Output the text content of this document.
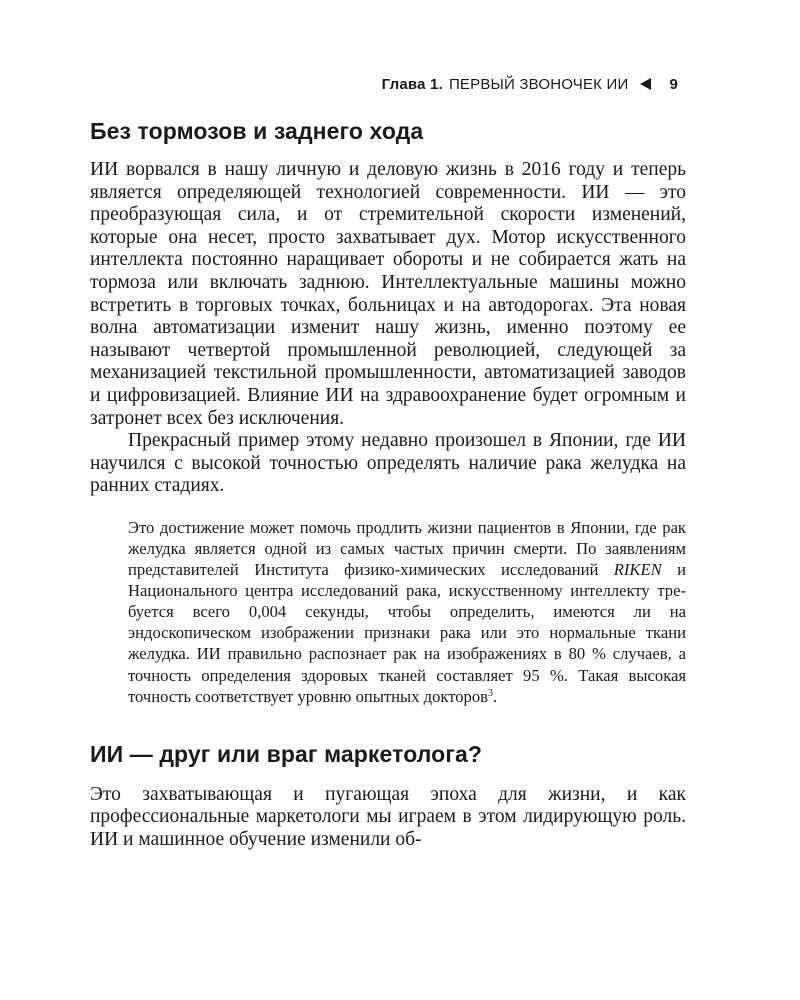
Глава 1. ПЕРВЫЙ ЗВОНОЧЕК ИИ	9
Без тормозов и заднего хода

ИИ ворвался в нашу личную и деловую жизнь в 2016 году и теперь является определяющей технологией современности. ИИ — это преобразующая сила, и от стремительной скорости изменений, которые она несет, просто захватывает дух. Мотор искусственного интеллекта постоянно наращивает обороты и не собирается жать на тормоза или включать заднюю. Интеллектуальные машины можно встретить в торговых точках, больницах и на автодорогах. Эта новая волна автоматизации изменит нашу жизнь, именно поэтому ее называют четвертой промышленной революцией, следующей за механизацией текстильной промышленности, автоматизацией заводов и цифровизацией. Влияние ИИ на здравоохранение будет огромным и затронет всех без исключения.

Прекрасный пример этому недавно произошел в Японии, где ИИ научился с высокой точностью определять наличие рака желудка на ранних стадиях.

Это достижение может помочь продлить жизни пациентов в Японии, где рак желудка является одной из самых частых причин смерти. По заявлениям представителей Института физико-химических исследований RIKEN и Национального центра исследований рака, искусственному интеллекту требуется всего 0,004 секунды, чтобы определить, имеются ли на эндоскопическом изображении признаки рака или это нормальные ткани желудка. ИИ правильно распознает рак на изображениях в 80 % случаев, а точность определения здоровых тканей составляет 95 %. Такая высокая точность соответствует уровню опытных докторов$^3$.

ИИ — друг или враг маркетолога?

Это захватывающая и пугающая эпоха для жизни, и как профессиональные маркетологи мы играем в этом лидирующую роль. ИИ и машинное обучение изменили об-
